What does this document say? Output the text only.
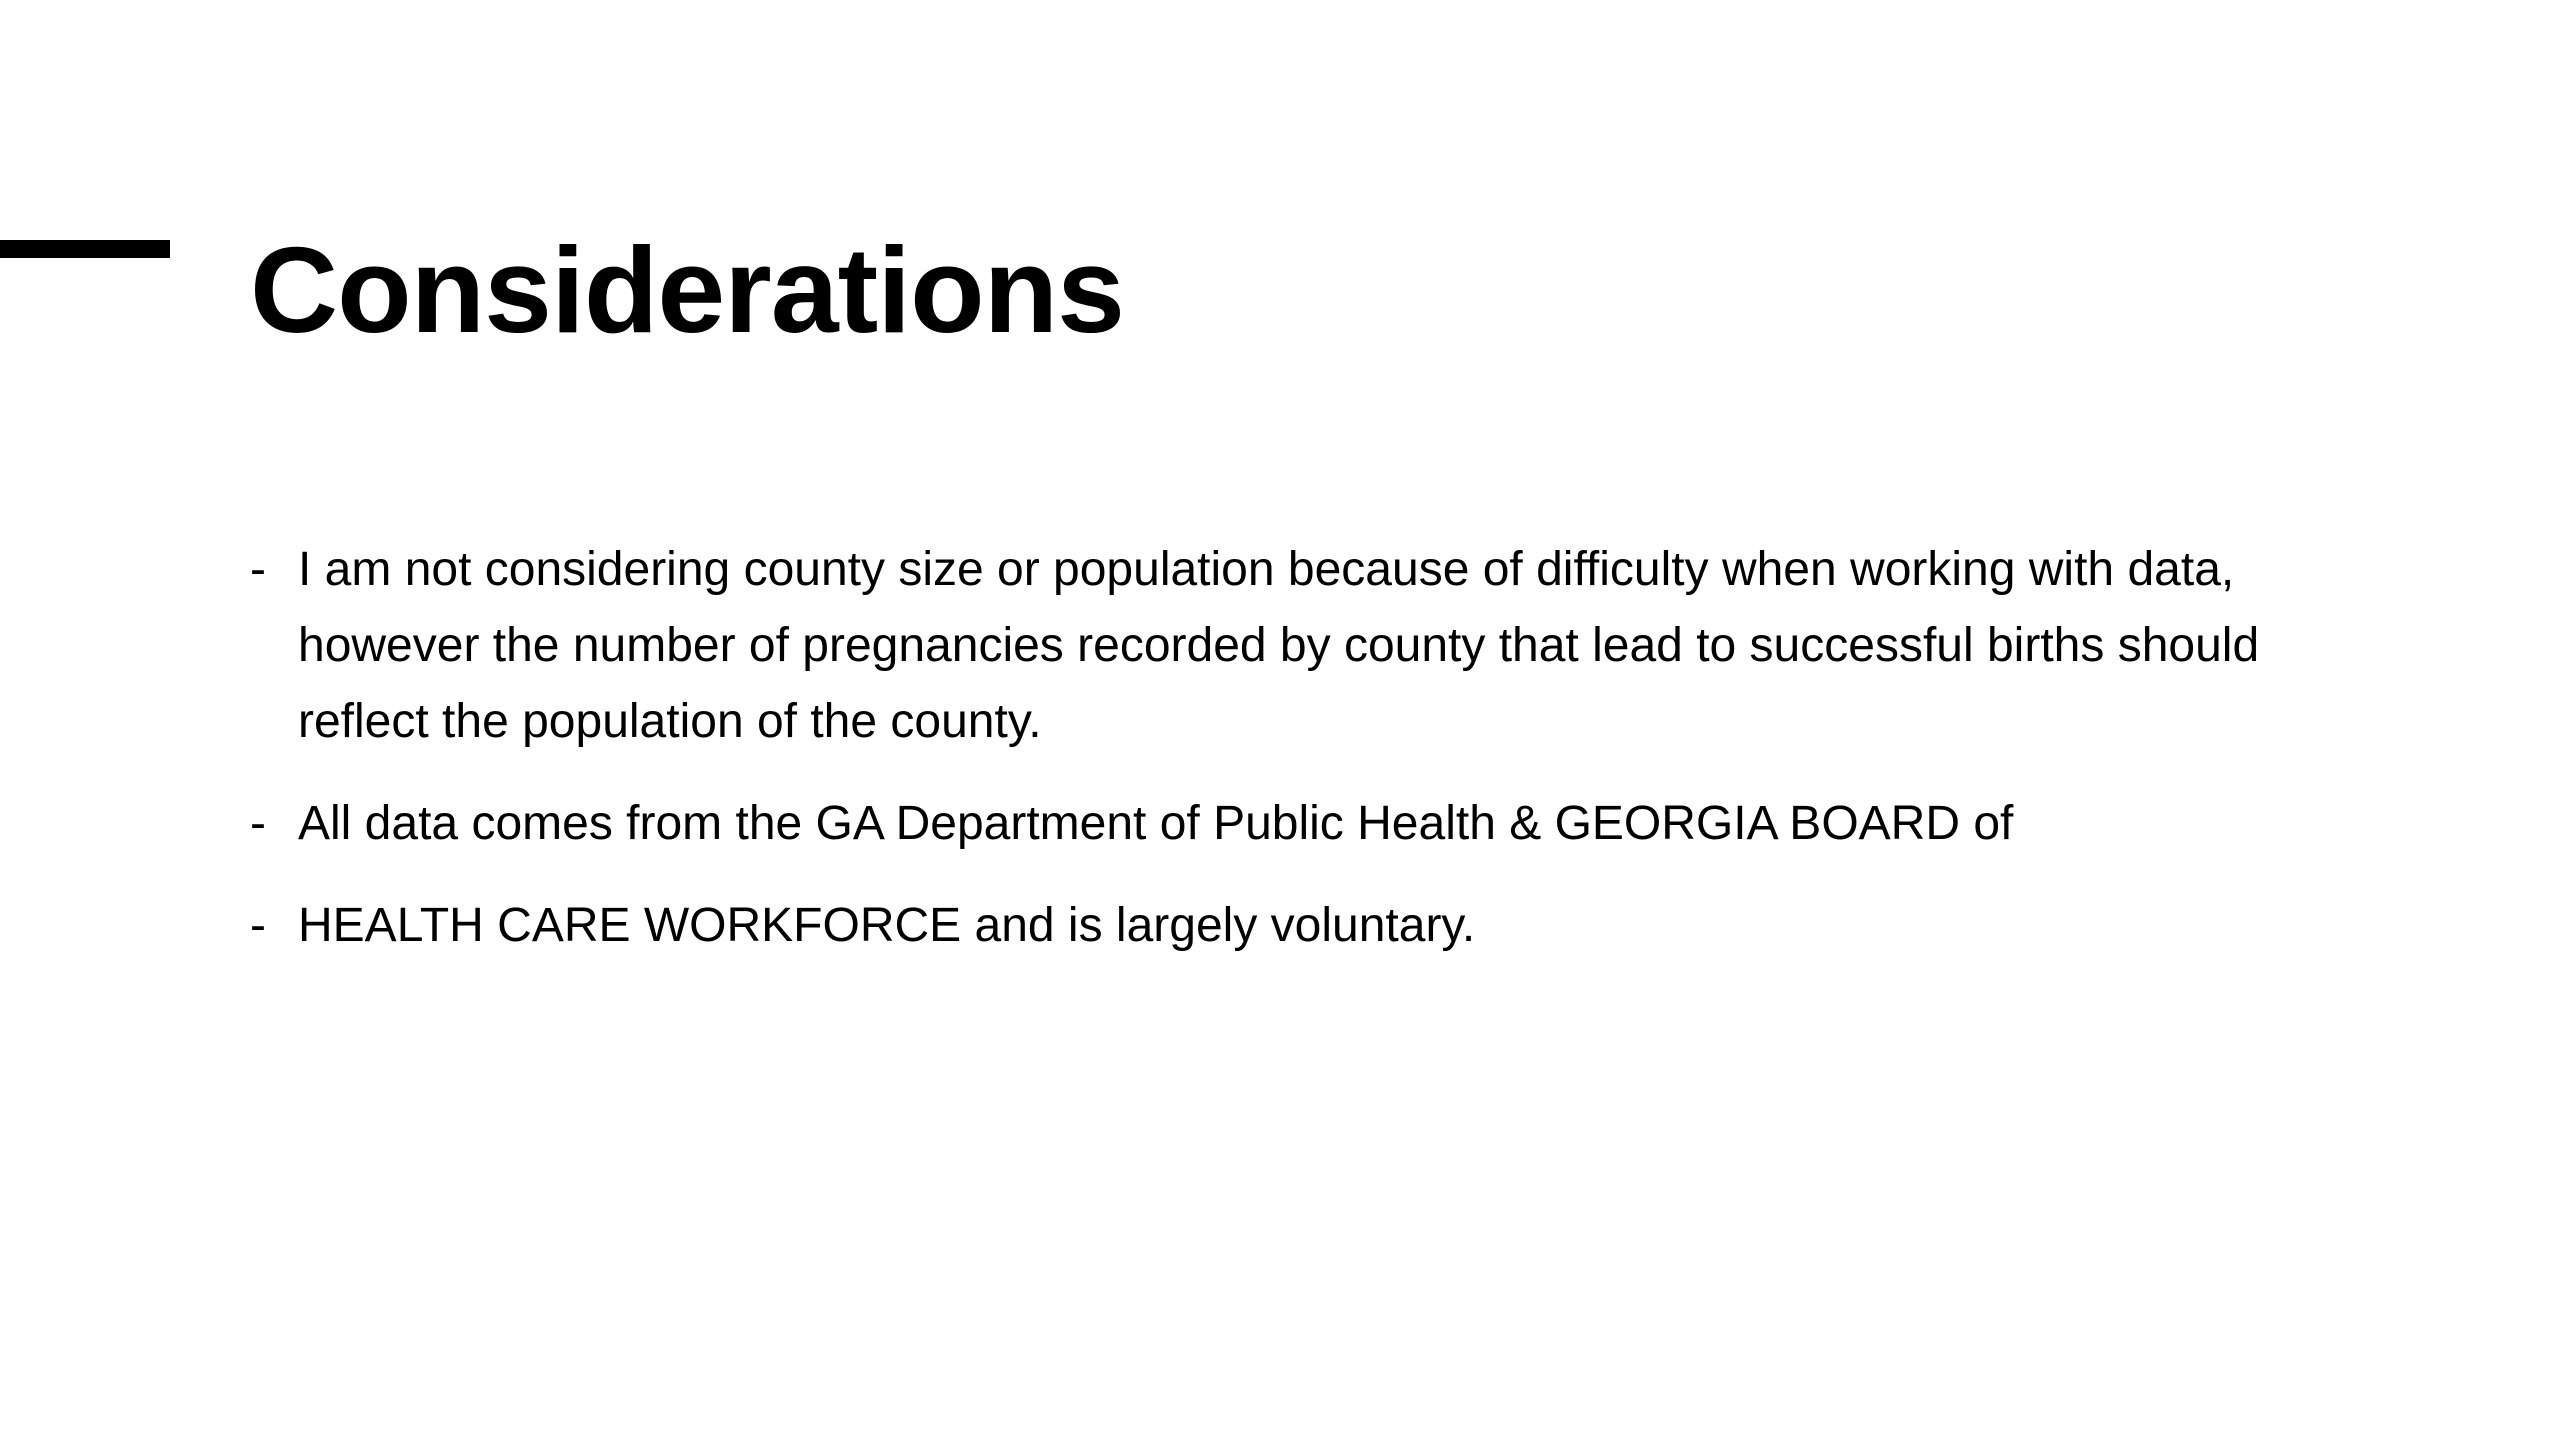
Considerations
- I am not considering county size or population because of difficulty when working with data, however the number of pregnancies recorded by county that lead to successful births should reflect the population of the county.
- All data comes from the GA Department of Public Health & GEORGIA BOARD of
- HEALTH CARE WORKFORCE and is largely voluntary.
